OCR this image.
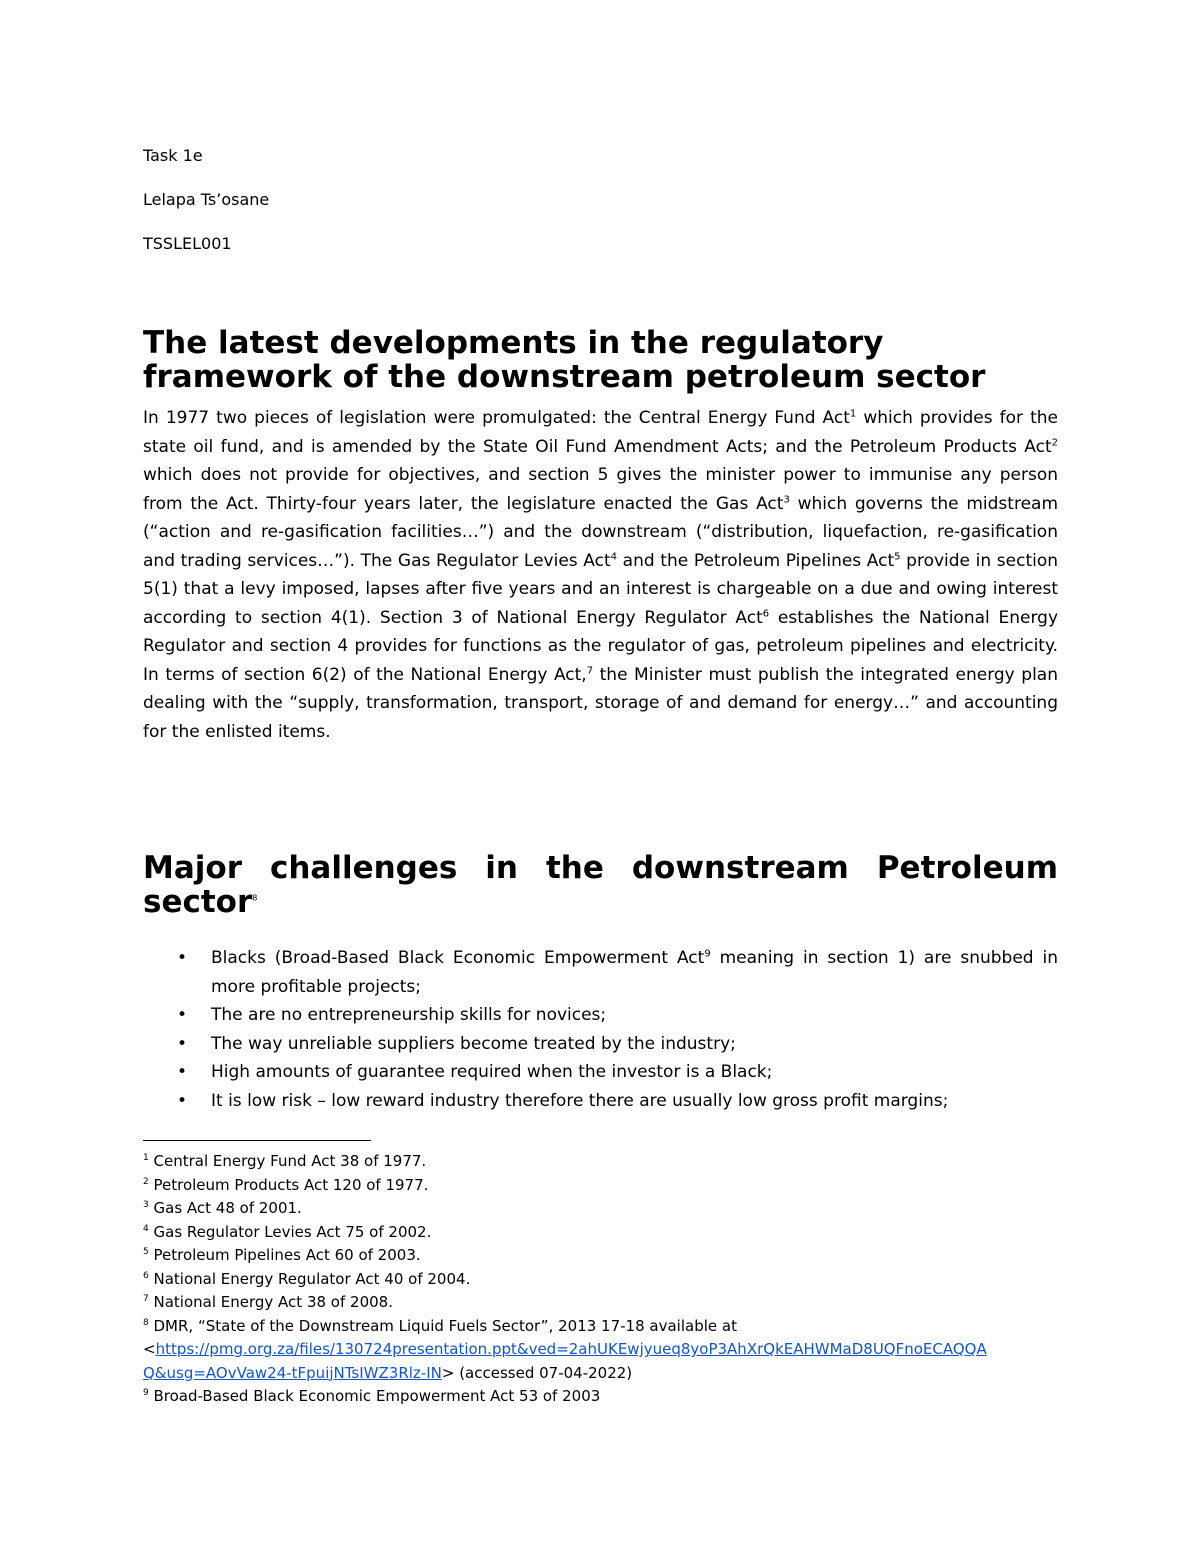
Task 1e
Lelapa Ts’osane
TSSLEL001
The latest developments in the regulatory
framework of the downstream petroleum sector

In 1977 two pieces of legislation were promulgated: the Central Energy Fund Act$^1$ which provides for the state oil fund, and is amended by the State Oil Fund Amendment Acts; and the Petroleum Products Act$^2$ which does not provide for objectives, and section 5 gives the minister power to immunise any person from the Act. Thirty-four years later, the legislature enacted the Gas Act$^3$ which governs the midstream (“action and re-gasification facilities…”) and the downstream (“distribution, liquefaction, re-gasification and trading services…”). The Gas Regulator Levies Act$^4$ and the Petroleum Pipelines Act$^5$ provide in section 5(1) that a levy imposed, lapses after five years and an interest is chargeable on a due and owing interest according to section 4(1). Section 3 of National Energy Regulator Act$^6$ establishes the National Energy Regulator and section 4 provides for functions as the regulator of gas, petroleum pipelines and electricity. In terms of section 6(2) of the National Energy Act,$^7$ the Minister must publish the integrated energy plan dealing with the “supply, transformation, transport, storage of and demand for energy…” and accounting for the enlisted items.

Major challenges in the downstream Petroleum
sector$^8$
• Blacks (Broad-Based Black Economic Empowerment Act$^9$ meaning in section 1) are snubbed in more profitable projects;
• The are no entrepreneurship skills for novices;
• The way unreliable suppliers become treated by the industry;
• High amounts of guarantee required when the investor is a Black;
• It is low risk – low reward industry therefore there are usually low gross profit margins;

$^1$ Central Energy Fund Act 38 of 1977.

$^2$ Petroleum Products Act 120 of 1977.

$^3$ Gas Act 48 of 2001.

$^4$ Gas Regulator Levies Act 75 of 2002.

$^5$ Petroleum Pipelines Act 60 of 2003.

$^6$ National Energy Regulator Act 40 of 2004.

$^7$ National Energy Act 38 of 2008.

$^8$ DMR, “State of the Downstream Liquid Fuels Sector”, 2013 17-18 available at
<https://pmg.org.za/files/130724presentation.ppt&ved=2ahUKEwjyueq8yoP3AhXrQkEAHWMaD8UQFnoECAQQA
Q&usg=AOvVaw24-tFpuijNTsIWZ3Rlz-IN> (accessed 07-04-2022)

$^9$ Broad-Based Black Economic Empowerment Act 53 of 2003
